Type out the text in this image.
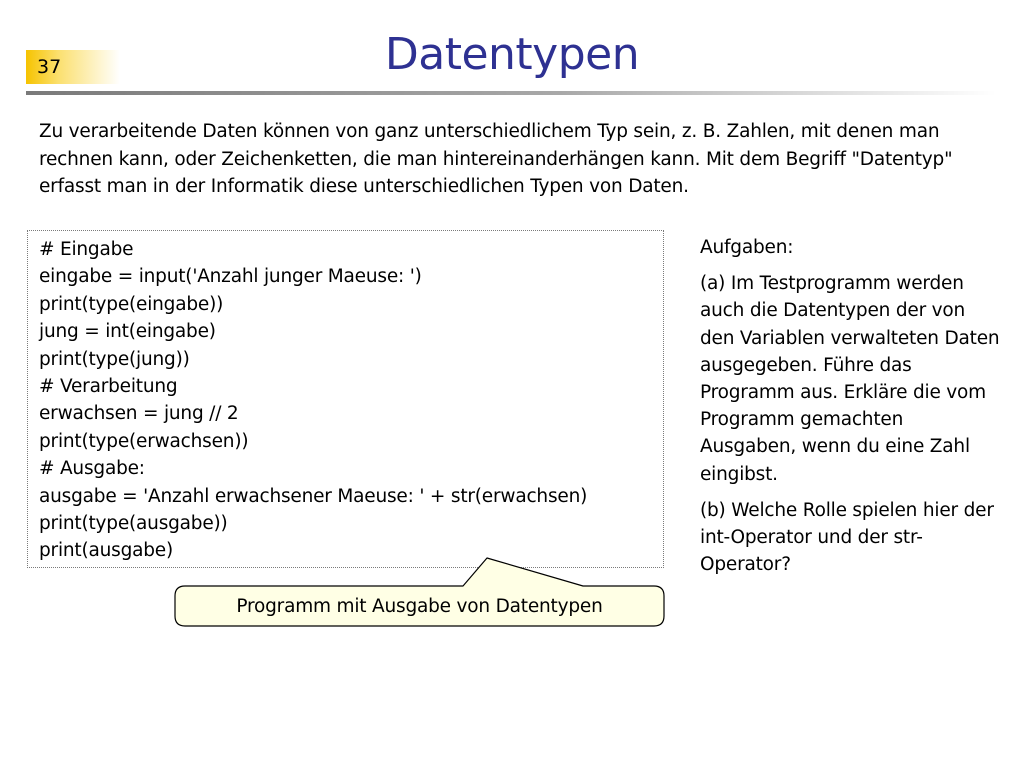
37	Datentypen
Zu verarbeitende Daten können von ganz unterschiedlichem Typ sein, z. B. Zahlen, mit denen man rechnen kann, oder Zeichenketten, die man hintereinanderhängen kann. Mit dem Begriff "Datentyp" erfasst man in der Informatik diese unterschiedlichen Typen von Daten.
# Eingabe
eingabe = input('Anzahl junger Maeuse: ')
print(type(eingabe))
jung = int(eingabe)
print(type(jung))
# Verarbeitung
erwachsen = jung // 2
print(type(erwachsen))
# Ausgabe:
ausgabe = 'Anzahl erwachsener Maeuse: ' + str(erwachsen)
print(type(ausgabe))
print(ausgabe)
Programm mit Ausgabe von Datentypen

Aufgaben:

(a) Im Testprogramm werden auch die Datentypen der von den Variablen verwalteten Daten ausgegeben. Führe das Programm aus. Erkläre die vom Programm gemachten Ausgaben, wenn du eine Zahl eingibst.

(b) Welche Rolle spielen hier der int-Operator und der str-Operator?
